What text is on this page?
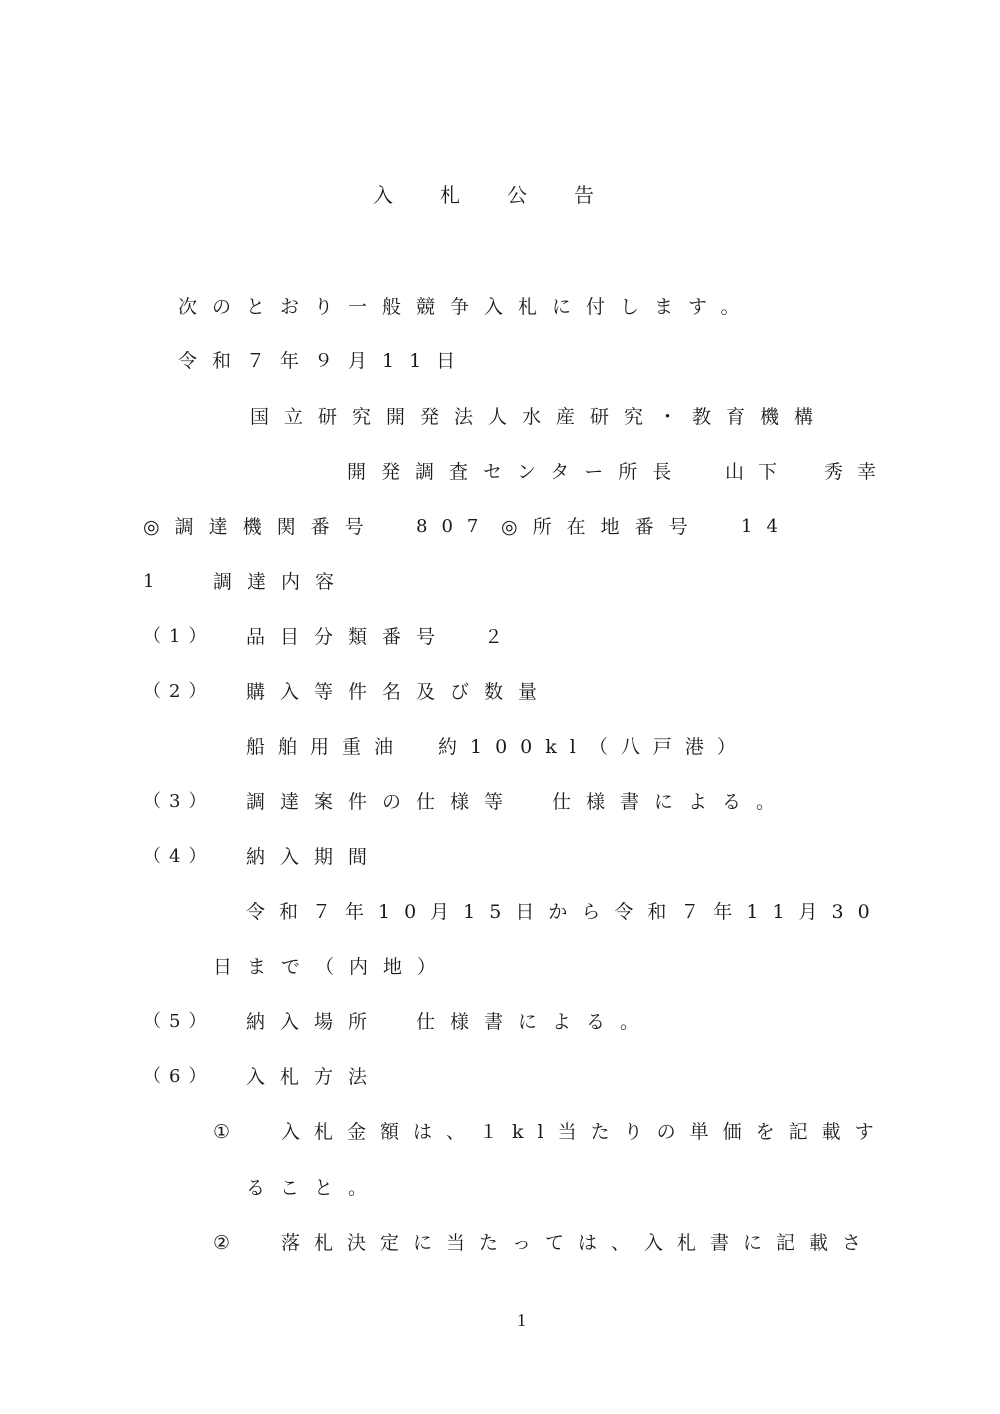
入札公告
次のとおり一般競争入札に付します。
令和７年９月11日
国立研究開発法人水産研究・教育機構
開発調査センター所長 山下　秀幸
◎調達機関番号 807 ◎所在地番号 14
1	調達内容
（1） 品目分類番号　２
（2） 購入等件名及び数量
船舶用重油　約100kl（八戸港）
（3） 調達案件の仕様等　仕様書による。
（4） 納入期間
令和７年10月15日から令和７年11月30
日まで（内地）
（5） 納入場所　仕様書による。
（6） 入札方法
① 入札金額は、１kl当たりの単価を記載す
ること。
② 落札決定に当たっては、入札書に記載さ
1
